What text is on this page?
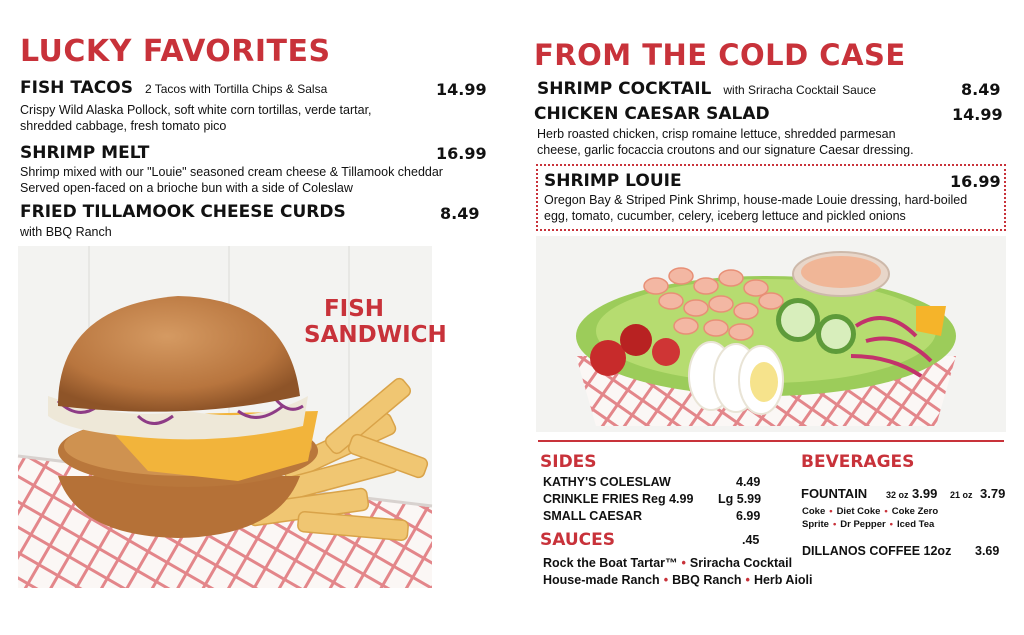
LUCKY FAVORITES
FISH TACOS 2 Tacos with Tortilla Chips & Salsa	14.99
Crispy Wild Alaska Pollock, soft white corn tortillas, verde tartar,
shredded cabbage, fresh tomato pico
SHRIMP MELT	16.99
Shrimp mixed with our "Louie" seasoned cream cheese & Tillamook cheddar
Served open-faced on a brioche bun with a side of Coleslaw
FRIED TILLAMOOK CHEESE CURDS	8.49
with BBQ Ranch
FISH
SANDWICH
FROM THE COLD CASE
SHRIMP COCKTAIL with Sriracha Cocktail Sauce	8.49
CHICKEN CAESAR SALAD	14.99
Herb roasted chicken, crisp romaine lettuce, shredded parmesan
cheese, garlic focaccia croutons and our signature Caesar dressing.
SHRIMP LOUIE	16.99
Oregon Bay & Striped Pink Shrimp, house-made Louie dressing, hard-boiled
egg, tomato, cucumber, celery, iceberg lettuce and pickled onions
SIDES
KATHY'S COLESLAW	4.49
CRINKLE FRIES Reg 4.99 Lg 5.99
SMALL CAESAR	6.99
SAUCES	.45
Rock the Boat Tartar™ • Sriracha Cocktail
House-made Ranch • BBQ Ranch • Herb Aioli
BEVERAGES
FOUNTAIN 32 oz 3.99 21 oz 3.79
Coke • Diet Coke • Coke Zero
Sprite • Dr Pepper • Iced Tea
DILLANOS COFFEE 12oz 3.69
